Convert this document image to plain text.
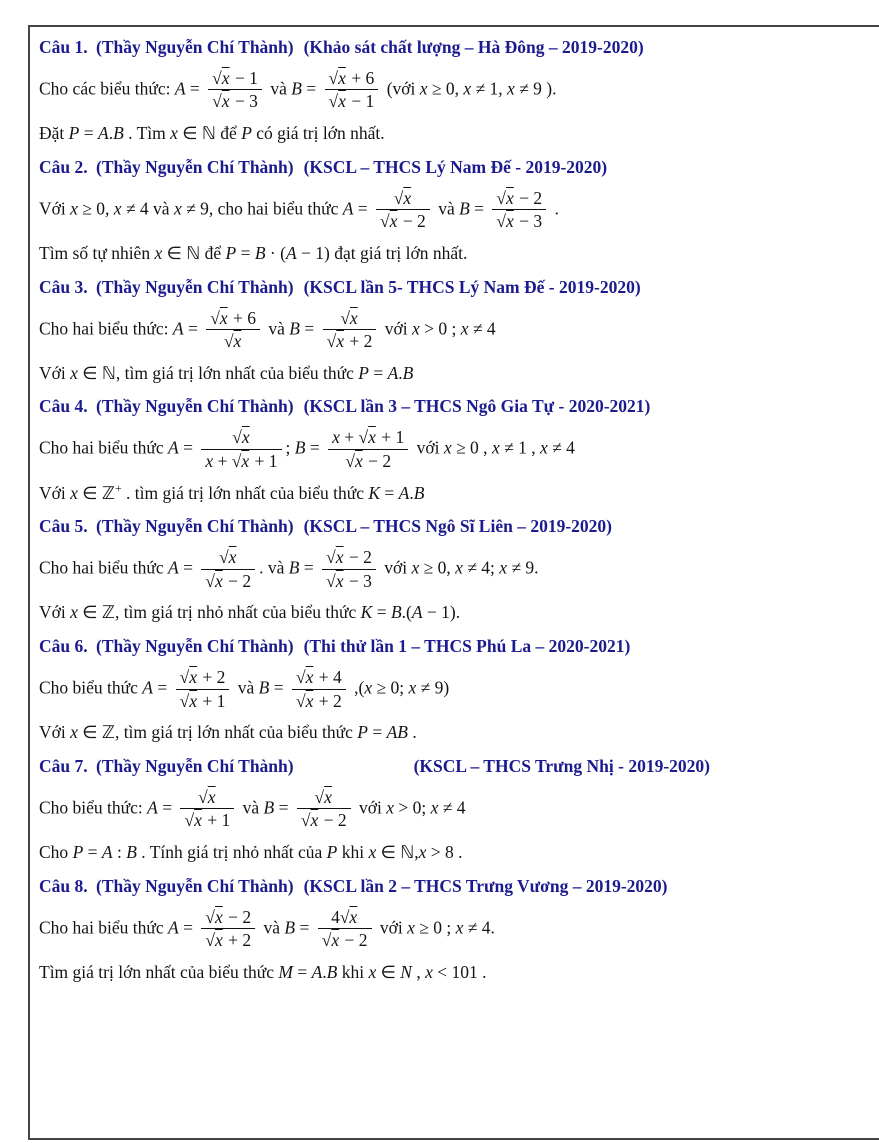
Câu 1. (Thầy Nguyễn Chí Thành) (Khảo sát chất lượng – Hà Đông – 2019-2020)
Cho các biểu thức: $A = \frac{√x - 1}{√x - 3}$ và $B = \frac{√x + 6}{√x - 1}$ (với x ≥ 0, x ≠ 1, x ≠ 9 ).
Đặt P = A.B . Tìm x ∈ ℕ để P có giá trị lớn nhất.
Câu 2. (Thầy Nguyễn Chí Thành) (KSCL – THCS Lý Nam Đế - 2019-2020)
Với x ≥ 0, x ≠ 4 và x ≠ 9, cho hai biểu thức $A = \frac{√x}{√x - 2}$ và $B = \frac{√x - 2}{√x - 3}$ .
Tìm số tự nhiên x ∈ ℕ để P = B · (A − 1) đạt giá trị lớn nhất.
Câu 3. (Thầy Nguyễn Chí Thành) (KSCL lần 5- THCS Lý Nam Đế - 2019-2020)
Cho hai biểu thức: $A = \frac{√x + 6}{√x}$ và $B = \frac{√x}{√x + 2}$ với x > 0 ; x ≠ 4
Với x ∈ ℕ, tìm giá trị lớn nhất của biểu thức P = A.B
Câu 4. (Thầy Nguyễn Chí Thành) (KSCL lần 3 – THCS Ngô Gia Tự - 2020-2021)
Cho hai biểu thức $A = \frac{√x}{x + √x + 1}$ ; $B = \frac{x + √x + 1}{√x - 2}$ với x ≥ 0 , x ≠ 1 , x ≠ 4
Với x ∈ ℤ+ . tìm giá trị lớn nhất của biểu thức K = A.B
Câu 5. (Thầy Nguyễn Chí Thành) (KSCL – THCS Ngô Sĩ Liên – 2019-2020)
Cho hai biểu thức $A = \frac{√x}{√x - 2}$ . và $B = \frac{√x - 2}{√x - 3}$ với x ≥ 0, x ≠ 4; x ≠ 9.
Với x ∈ ℤ, tìm giá trị nhỏ nhất của biểu thức K = B.(A − 1).
Câu 6. (Thầy Nguyễn Chí Thành) (Thi thử lần 1 – THCS Phú La – 2020-2021)
Cho biểu thức $A = \frac{√x + 2}{√x + 1}$ và $B = \frac{√x + 4}{√x + 2} ,(x \ge 0$; x ≠ 9)
Với x ∈ ℤ, tìm giá trị lớn nhất của biểu thức P = AB .
Câu 7. (Thầy Nguyễn Chí Thành)	(KSCL – THCS Trưng Nhị - 2019-2020)
Cho biểu thức: $A = \frac{√x}{√x + 1}$ và $B = \frac{√x}{√x - 2}$ với x > 0; x ≠ 4
Cho P = A : B . Tính giá trị nhỏ nhất của P khi x ∈ ℕ,x > 8 .
Câu 8. (Thầy Nguyễn Chí Thành) (KSCL lần 2 – THCS Trưng Vương – 2019-2020)
Cho hai biểu thức $A = \frac{√x - 2}{√x + 2}$ và $B = \frac{4√x}{√x - 2}$ với x ≥ 0 ; x ≠ 4.
Tìm giá trị lớn nhất của biểu thức M = A.B khi x ∈ N , x < 101 .
